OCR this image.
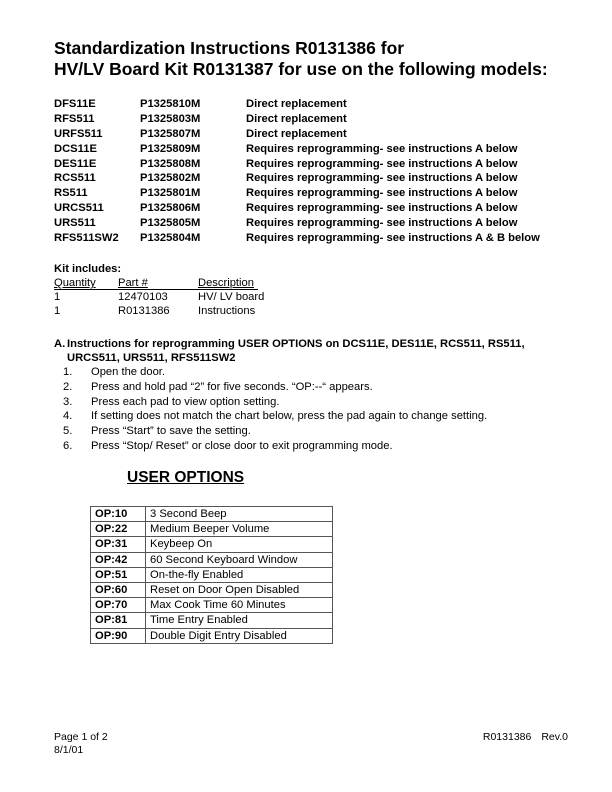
Standardization Instructions R0131386 for
HV/LV Board Kit R0131387 for use on the following models:
DFS11E	P1325810M	Direct replacement
RFS511	P1325803M	Direct replacement
URFS511	P1325807M	Direct replacement
DCS11E	P1325809M	Requires reprogramming- see instructions A below
DES11E	P1325808M	Requires reprogramming- see instructions A below
RCS511	P1325802M	Requires reprogramming- see instructions A below
RS511	P1325801M	Requires reprogramming- see instructions A below
URCS511	P1325806M	Requires reprogramming- see instructions A below
URS511	P1325805M	Requires reprogramming- see instructions A below
RFS511SW2 P1325804M	Requires reprogramming- see instructions A & B below
Kit includes:
Quantity Part #	Description
1	12470103	HV/ LV board
1	R0131386	Instructions
A. Instructions for reprogramming USER OPTIONS on DCS11E, DES11E, RCS511, RS511,
URCS511, URS511, RFS511SW2
1. Open the door.
2. Press and hold pad “2” for five seconds. “OP:--“ appears.
3. Press each pad to view option setting.
4. If setting does not match the chart below, press the pad again to change setting.
5. Press “Start” to save the setting.
6. Press “Stop/ Reset” or close door to exit programming mode.
USER OPTIONS
OP:10	3 Second Beep
OP:22	Medium Beeper Volume
OP:31	Keybeep On
OP:42	60 Second Keyboard Window
OP:51	On-the-fly Enabled
OP:60	Reset on Door Open Disabled
OP:70	Max Cook Time 60 Minutes
OP:81	Time Entry Enabled
OP:90	Double Digit Entry Disabled
Page 1 of 2
8/1/01
R0131386 Rev.0
